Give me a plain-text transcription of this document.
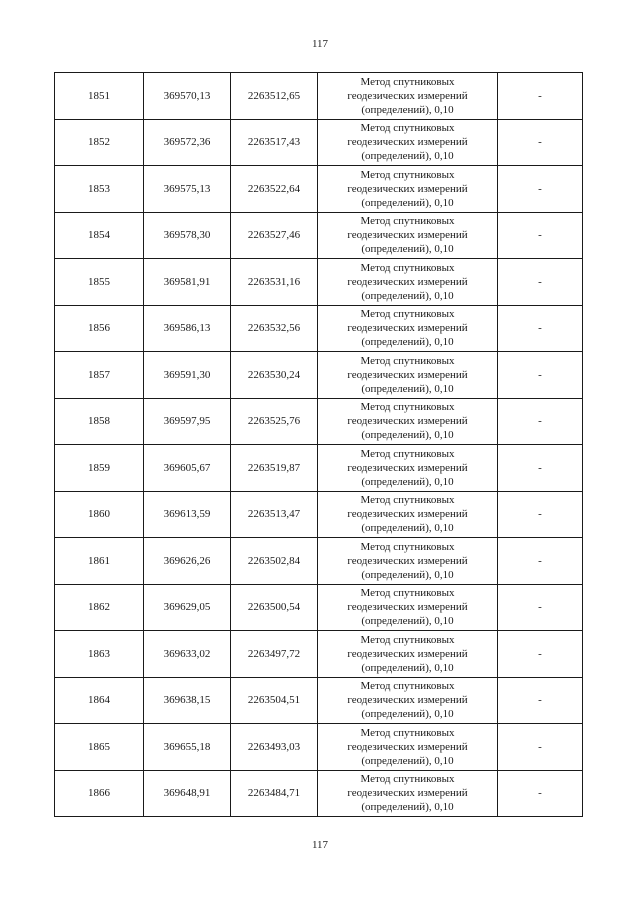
117
1851	369570,13	2263512,65	Метод спутниковых
геодезических измерений
(определений), 0,10	-
1852	369572,36	2263517,43	Метод спутниковых
геодезических измерений
(определений), 0,10	-
1853	369575,13	2263522,64	Метод спутниковых
геодезических измерений
(определений), 0,10	-
1854	369578,30	2263527,46	Метод спутниковых
геодезических измерений
(определений), 0,10	-
1855	369581,91	2263531,16	Метод спутниковых
геодезических измерений
(определений), 0,10	-
1856	369586,13	2263532,56	Метод спутниковых
геодезических измерений
(определений), 0,10	-
1857	369591,30	2263530,24	Метод спутниковых
геодезических измерений
(определений), 0,10	-
1858	369597,95	2263525,76	Метод спутниковых
геодезических измерений
(определений), 0,10	-
1859	369605,67	2263519,87	Метод спутниковых
геодезических измерений
(определений), 0,10	-
1860	369613,59	2263513,47	Метод спутниковых
геодезических измерений
(определений), 0,10	-
1861	369626,26	2263502,84	Метод спутниковых
геодезических измерений
(определений), 0,10	-
1862	369629,05	2263500,54	Метод спутниковых
геодезических измерений
(определений), 0,10	-
1863	369633,02	2263497,72	Метод спутниковых
геодезических измерений
(определений), 0,10	-
1864	369638,15	2263504,51	Метод спутниковых
геодезических измерений
(определений), 0,10	-
1865	369655,18	2263493,03	Метод спутниковых
геодезических измерений
(определений), 0,10	-
1866	369648,91	2263484,71	Метод спутниковых
геодезических измерений
(определений), 0,10	-
117
